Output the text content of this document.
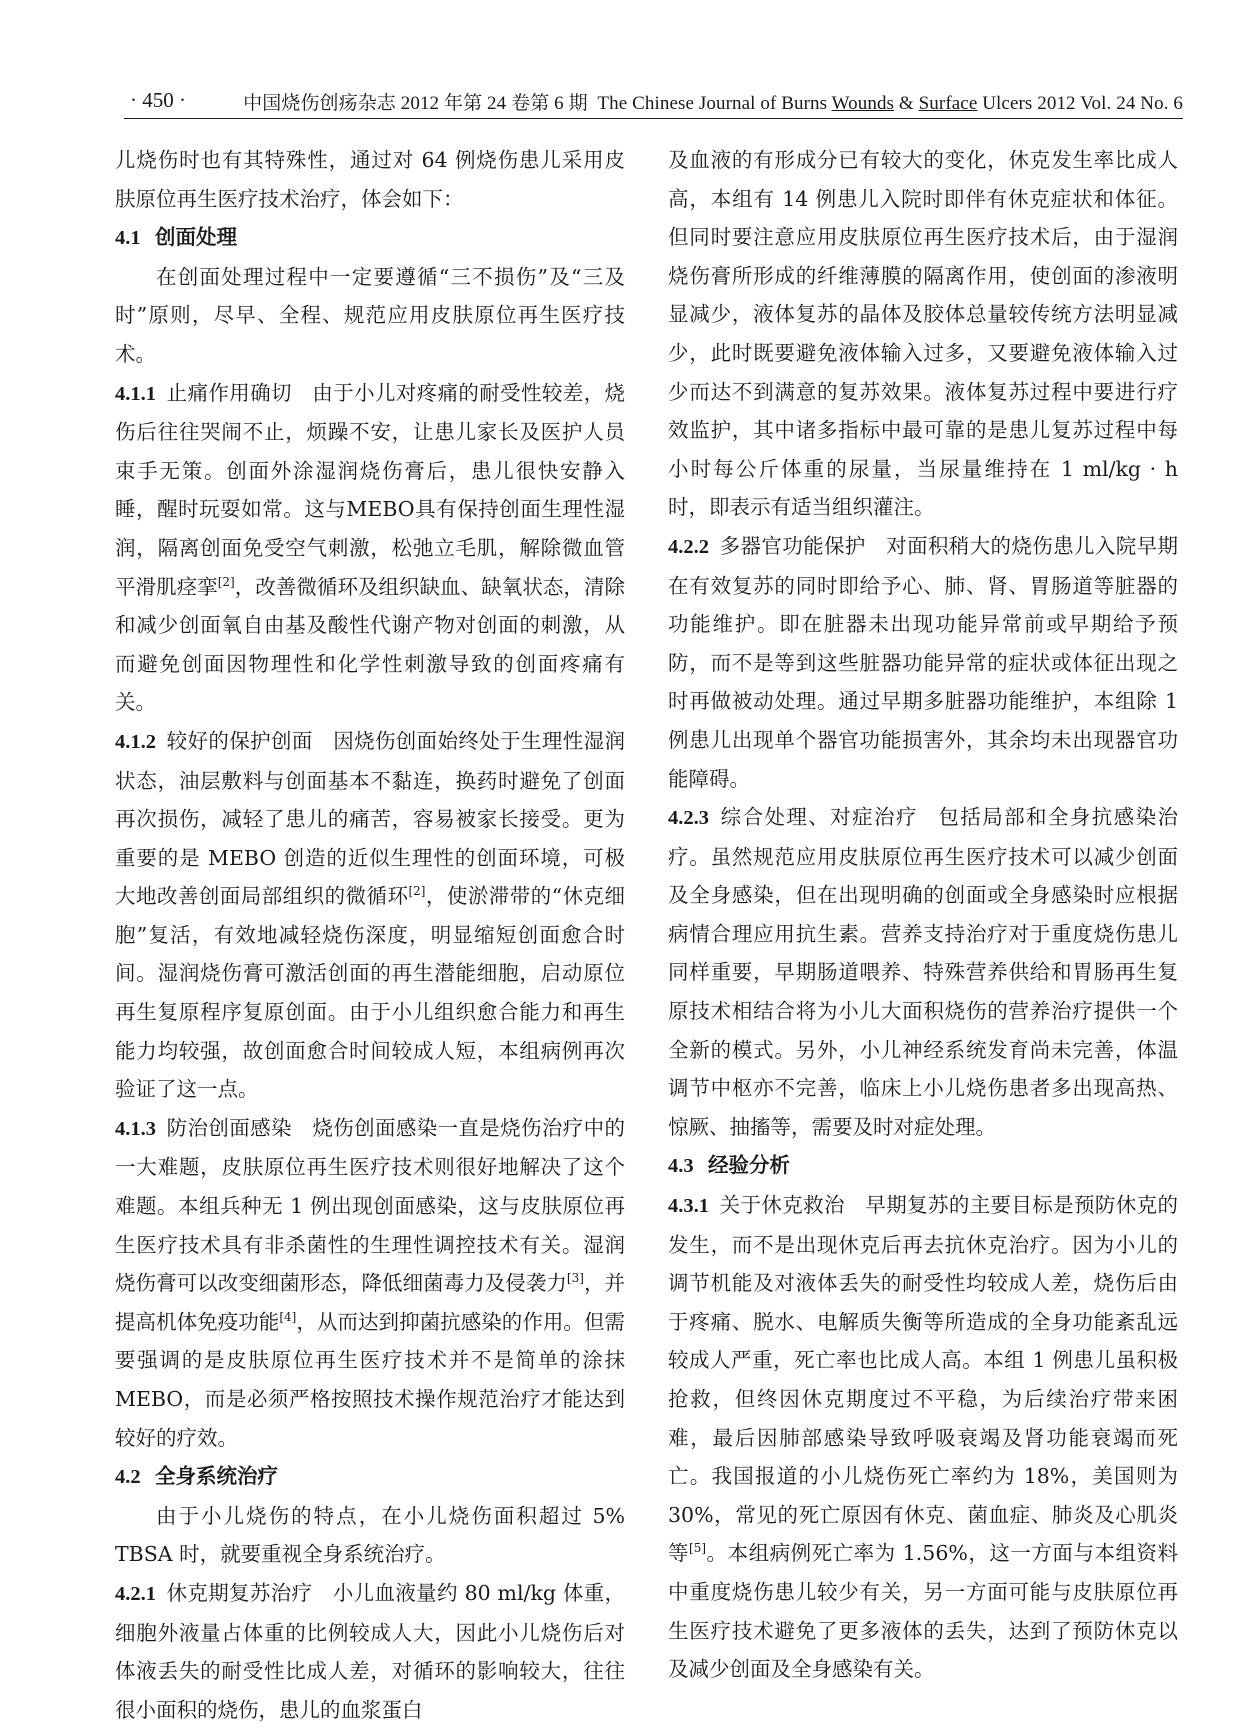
· 450 ·	中国烧伤创疡杂志 2012 年第 24 卷第 6 期 The Chinese Journal of Burns Wounds & Surface Ulcers 2012 Vol. 24 No. 6

儿烧伤时也有其特殊性，通过对 64 例烧伤患儿采用皮肤原位再生医疗技术治疗，体会如下：

4.1 创面处理

在创面处理过程中一定要遵循“三不损伤”及“三及时”原则，尽早、全程、规范应用皮肤原位再生医疗技术。

4.1.1 止痛作用确切 由于小儿对疼痛的耐受性较差，烧伤后往往哭闹不止，烦躁不安，让患儿家长及医护人员束手无策。创面外涂湿润烧伤膏后，患儿很快安静入睡，醒时玩耍如常。这与MEBO具有保持创面生理性湿润，隔离创面免受空气刺激，松弛立毛肌，解除微血管平滑肌痉挛[2]，改善微循环及组织缺血、缺氧状态，清除和减少创面氧自由基及酸性代谢产物对创面的刺激，从而避免创面因物理性和化学性刺激导致的创面疼痛有关。

4.1.2 较好的保护创面 因烧伤创面始终处于生理性湿润状态，油层敷料与创面基本不黏连，换药时避免了创面再次损伤，减轻了患儿的痛苦，容易被家长接受。更为重要的是 MEBO 创造的近似生理性的创面环境，可极大地改善创面局部组织的微循环[2]，使淤滞带的“休克细胞”复活，有效地减轻烧伤深度，明显缩短创面愈合时间。湿润烧伤膏可激活创面的再生潜能细胞，启动原位再生复原程序复原创面。由于小儿组织愈合能力和再生能力均较强，故创面愈合时间较成人短，本组病例再次验证了这一点。

4.1.3 防治创面感染 烧伤创面感染一直是烧伤治疗中的一大难题，皮肤原位再生医疗技术则很好地解决了这个难题。本组兵种无 1 例出现创面感染，这与皮肤原位再生医疗技术具有非杀菌性的生理性调控技术有关。湿润烧伤膏可以改变细菌形态，降低细菌毒力及侵袭力[3]，并提高机体免疫功能[4]，从而达到抑菌抗感染的作用。但需要强调的是皮肤原位再生医疗技术并不是简单的涂抹 MEBO，而是必须严格按照技术操作规范治疗才能达到较好的疗效。

4.2 全身系统治疗

由于小儿烧伤的特点，在小儿烧伤面积超过 5% TBSA 时，就要重视全身系统治疗。

4.2.1 休克期复苏治疗 小儿血液量约 80 ml/kg 体重，细胞外液量占体重的比例较成人大，因此小儿烧伤后对体液丢失的耐受性比成人差，对循环的影响较大，往往很小面积的烧伤，患儿的血浆蛋白

及血液的有形成分已有较大的变化，休克发生率比成人高，本组有 14 例患儿入院时即伴有休克症状和体征。但同时要注意应用皮肤原位再生医疗技术后，由于湿润烧伤膏所形成的纤维薄膜的隔离作用，使创面的渗液明显减少，液体复苏的晶体及胶体总量较传统方法明显减少，此时既要避免液体输入过多，又要避免液体输入过少而达不到满意的复苏效果。液体复苏过程中要进行疗效监护，其中诸多指标中最可靠的是患儿复苏过程中每小时每公斤体重的尿量，当尿量维持在 1 ml/kg · h 时，即表示有适当组织灌注。

4.2.2 多器官功能保护 对面积稍大的烧伤患儿入院早期在有效复苏的同时即给予心、肺、肾、胃肠道等脏器的功能维护。即在脏器未出现功能异常前或早期给予预防，而不是等到这些脏器功能异常的症状或体征出现之时再做被动处理。通过早期多脏器功能维护，本组除 1 例患儿出现单个器官功能损害外，其余均未出现器官功能障碍。

4.2.3 综合处理、对症治疗 包括局部和全身抗感染治疗。虽然规范应用皮肤原位再生医疗技术可以减少创面及全身感染，但在出现明确的创面或全身感染时应根据病情合理应用抗生素。营养支持治疗对于重度烧伤患儿同样重要，早期肠道喂养、特殊营养供给和胃肠再生复原技术相结合将为小儿大面积烧伤的营养治疗提供一个全新的模式。另外，小儿神经系统发育尚未完善，体温调节中枢亦不完善，临床上小儿烧伤患者多出现高热、惊厥、抽搐等，需要及时对症处理。

4.3 经验分析

4.3.1 关于休克救治 早期复苏的主要目标是预防休克的发生，而不是出现休克后再去抗休克治疗。因为小儿的调节机能及对液体丢失的耐受性均较成人差，烧伤后由于疼痛、脱水、电解质失衡等所造成的全身功能紊乱远较成人严重，死亡率也比成人高。本组 1 例患儿虽积极抢救，但终因休克期度过不平稳，为后续治疗带来困难，最后因肺部感染导致呼吸衰竭及肾功能衰竭而死亡。我国报道的小儿烧伤死亡率约为 18%，美国则为 30%，常见的死亡原因有休克、菌血症、肺炎及心肌炎等[5]。本组病例死亡率为 1.56%，这一方面与本组资料中重度烧伤患儿较少有关，另一方面可能与皮肤原位再生医疗技术避免了更多液体的丢失，达到了预防休克以及减少创面及全身感染有关。
